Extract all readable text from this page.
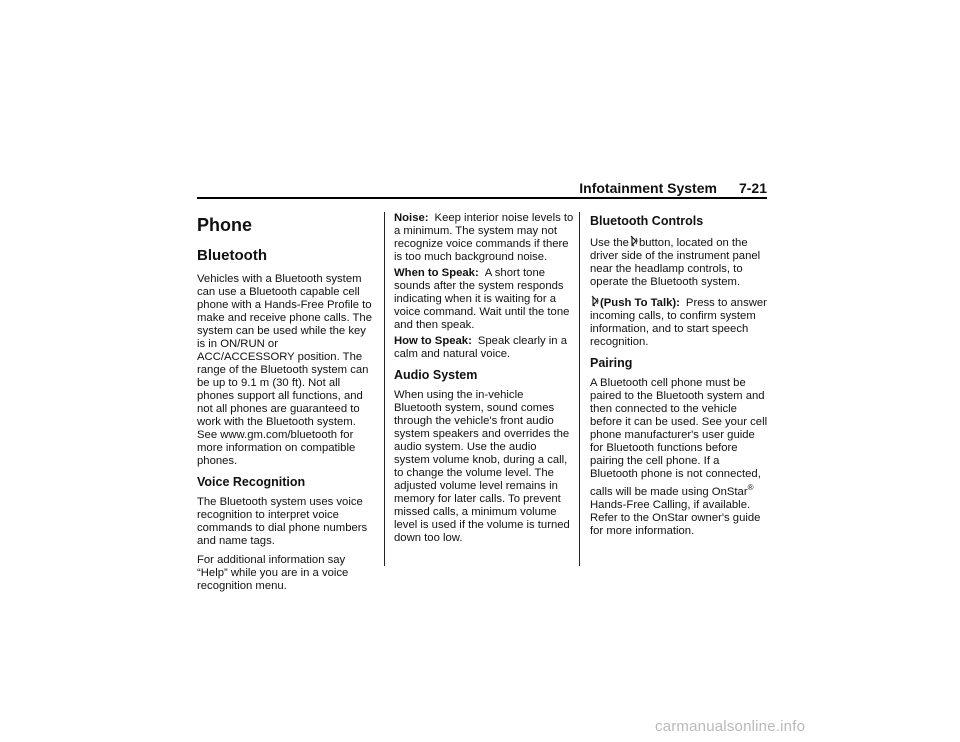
Infotainment System 7-21
Phone
Bluetooth

Vehicles with a Bluetooth system can use a Bluetooth capable cell phone with a Hands-Free Profile to make and receive phone calls. The system can be used while the key is in ON/RUN or ACC/ACCESSORY position. The range of the Bluetooth system can be up to 9.1 m (30 ft). Not all phones support all functions, and not all phones are guaranteed to work with the Bluetooth system. See www.gm.com/bluetooth for more information on compatible phones.

Voice Recognition

The Bluetooth system uses voice recognition to interpret voice commands to dial phone numbers and name tags.

For additional information say “Help” while you are in a voice recognition menu.

Noise: Keep interior noise levels to a minimum. The system may not recognize voice commands if there is too much background noise.

When to Speak: A short tone sounds after the system responds indicating when it is waiting for a voice command. Wait until the tone and then speak.

How to Speak: Speak clearly in a calm and natural voice.

Audio System

When using the in-vehicle Bluetooth system, sound comes through the vehicle's front audio system speakers and overrides the audio system. Use the audio system volume knob, during a call, to change the volume level. The adjusted volume level remains in memory for later calls. To prevent missed calls, a minimum volume level is used if the volume is turned down too low.

Bluetooth Controls

Use the button, located on the driver side of the instrument panel near the headlamp controls, to operate the Bluetooth system.

(Push To Talk): Press to answer incoming calls, to confirm system information, and to start speech recognition.

Pairing

A Bluetooth cell phone must be paired to the Bluetooth system and then connected to the vehicle before it can be used. See your cell phone manufacturer's user guide for Bluetooth functions before pairing the cell phone. If a Bluetooth phone is not connected, calls will be made using OnStar® Hands-Free Calling, if available. Refer to the OnStar owner's guide for more information.

carmanualsonline.info
